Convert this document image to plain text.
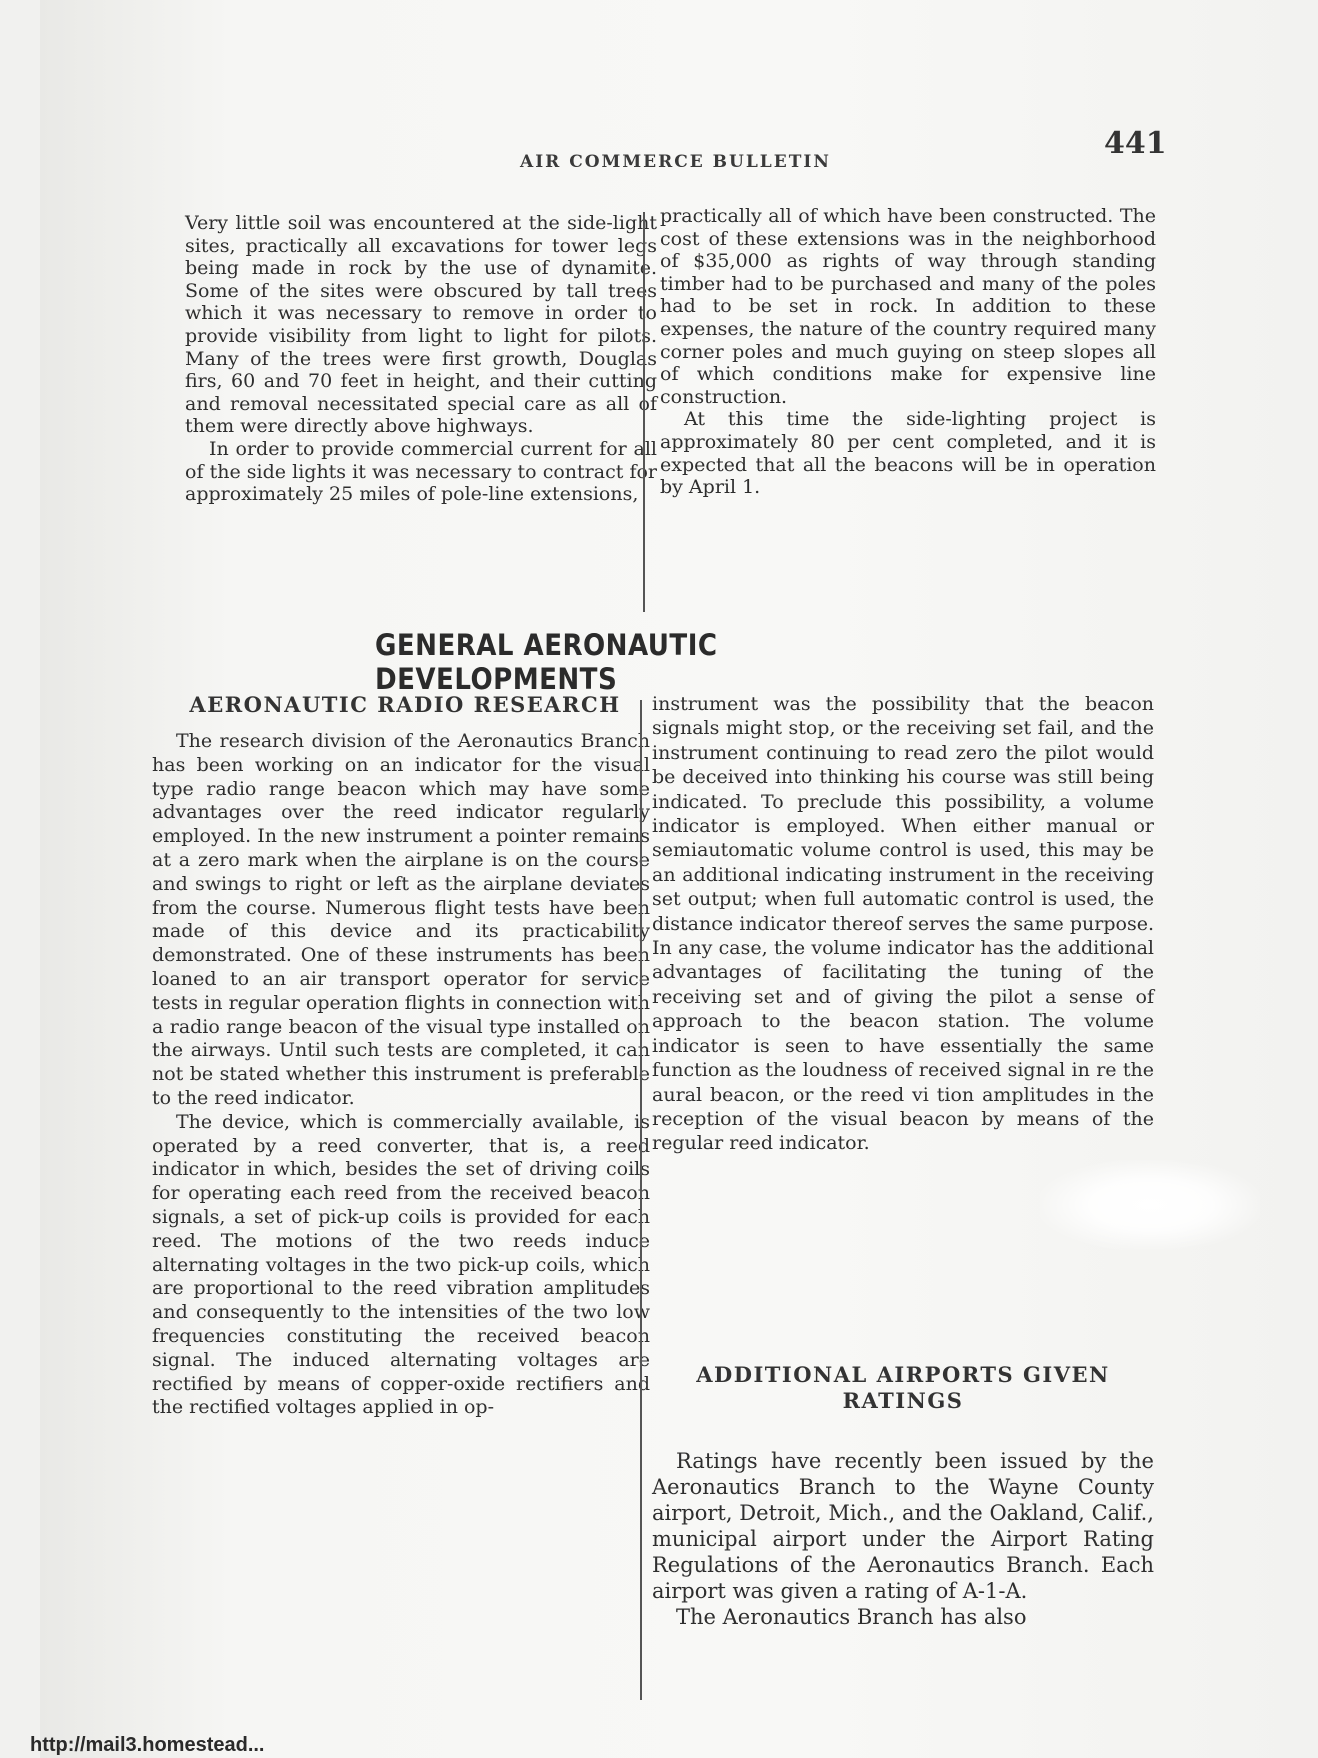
AIR COMMERCE BULLETIN
441

Very little soil was encountered at the side-light sites, practically all excavations for tower legs being made in rock by the use of dynamite. Some of the sites were obscured by tall trees which it was necessary to remove in order to provide visibility from light to light for pilots. Many of the trees were first growth, Douglas firs, 60 and 70 feet in height, and their cutting and removal necessitated special care as all of them were directly above highways.

In order to provide commercial current for all of the side lights it was necessary to contract for approximately 25 miles of pole-line extensions,

practically all of which have been constructed. The cost of these extensions was in the neighborhood of $35,000 as rights of way through standing timber had to be purchased and many of the poles had to be set in rock. In addition to these expenses, the nature of the country required many corner poles and much guying on steep slopes all of which conditions make for expensive line construction.

At this time the side-lighting project is approximately 80 per cent completed, and it is expected that all the beacons will be in operation by April 1.

GENERAL AERONAUTIC DEVELOPMENTS
AERONAUTIC RADIO RESEARCH

The research division of the Aeronautics Branch has been working on an indicator for the visual type radio range beacon which may have some advantages over the reed indicator regularly employed. In the new instrument a pointer remains at a zero mark when the airplane is on the course and swings to right or left as the airplane deviates from the course. Numerous flight tests have been made of this device and its practicability demonstrated. One of these instruments has been loaned to an air transport operator for service tests in regular operation flights in connection with a radio range beacon of the visual type installed on the airways. Until such tests are completed, it can not be stated whether this instrument is preferable to the reed indicator.

The device, which is commercially available, is operated by a reed converter, that is, a reed indicator in which, besides the set of driving coils for operating each reed from the received beacon signals, a set of pick-up coils is provided for each reed. The motions of the two reeds induce alternating voltages in the two pick-up coils, which are proportional to the reed vibration amplitudes and consequently to the intensities of the two low frequencies constituting the received beacon signal. The induced alternating voltages are rectified by means of copper-oxide rectifiers and the rectified voltages applied in op-

instrument was the possibility that the beacon signals might stop, or the receiving set fail, and the instrument continuing to read zero the pilot would be deceived into thinking his course was still being indicated. To preclude this possibility, a volume indicator is employed. When either manual or semiautomatic volume control is used, this may be an additional indicating instrument in the receiving set output; when full automatic control is used, the distance indicator thereof serves the same purpose. In any case, the volume indicator has the additional advantages of facilitating the tuning of the receiving set and of giving the pilot a sense of approach to the beacon station. The volume indicator is seen to have essentially the same function as the loudness of received signal in re the aural beacon, or the reed vi tion amplitudes in the reception of the visual beacon by means of the regular reed indicator.

ADDITIONAL AIRPORTS GIVEN
RATINGS

Ratings have recently been issued by the Aeronautics Branch to the Wayne County airport, Detroit, Mich., and the Oakland, Calif., municipal airport under the Airport Rating Regulations of the Aeronautics Branch. Each airport was given a rating of A-1-A.

The Aeronautics Branch has also

http://mail3.homestead...
